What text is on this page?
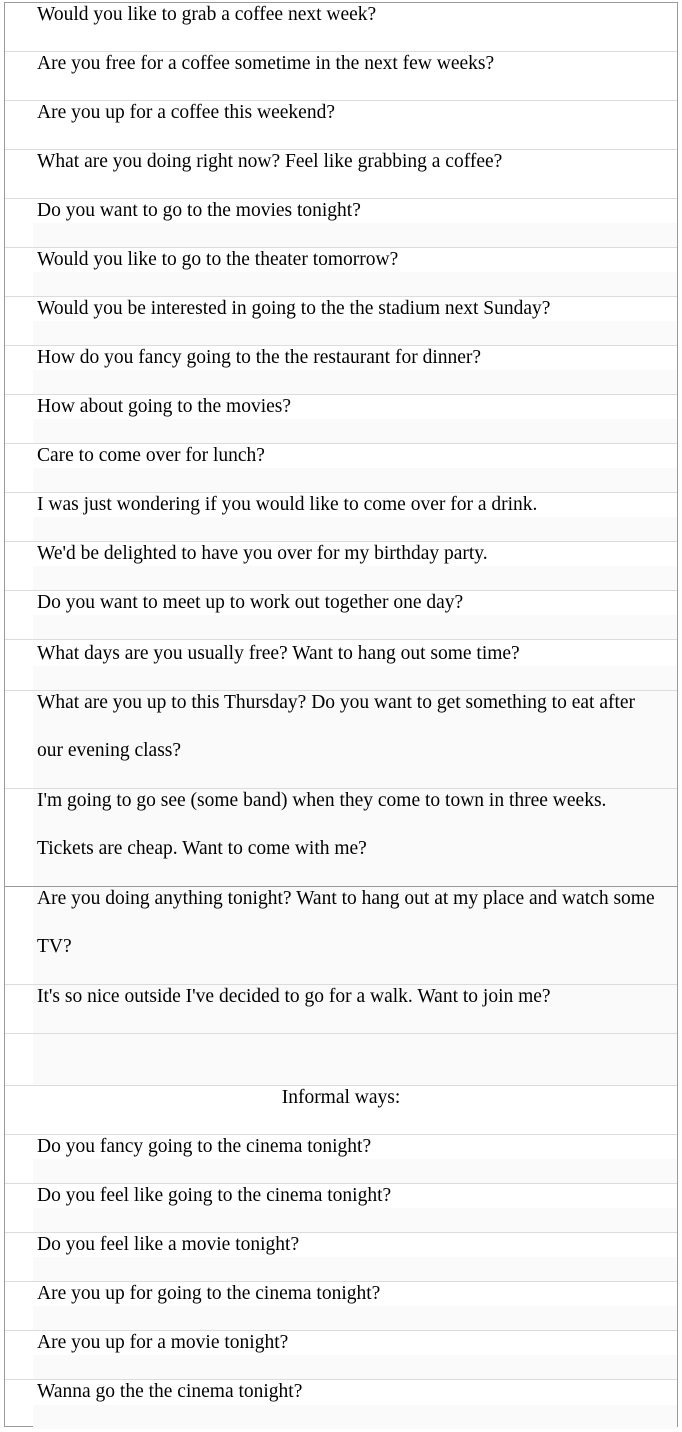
Would you like to grab a coffee next week?
Are you free for a coffee sometime in the next few weeks?
Are you up for a coffee this weekend?
What are you doing right now? Feel like grabbing a coffee?
Do you want to go to the movies tonight?
Would you like to go to the theater tomorrow?
Would you be interested in going to the the stadium next Sunday?
How do you fancy going to the the restaurant for dinner?
How about going to the movies?
Care to come over for lunch?
I was just wondering if you would like to come over for a drink.
We'd be delighted to have you over for my birthday party.
Do you want to meet up to work out together one day?
What days are you usually free? Want to hang out some time?
What are you up to this Thursday? Do you want to get something to eat after our evening class?
I'm going to go see (some band) when they come to town in three weeks. Tickets are cheap. Want to come with me?
Are you doing anything tonight? Want to hang out at my place and watch some TV?
It's so nice outside I've decided to go for a walk. Want to join me?
Informal ways:
Do you fancy going to the cinema tonight?
Do you feel like going to the cinema tonight?
Do you feel like a movie tonight?
Are you up for going to the cinema tonight?
Are you up for a movie tonight?
Wanna go the the cinema tonight?
